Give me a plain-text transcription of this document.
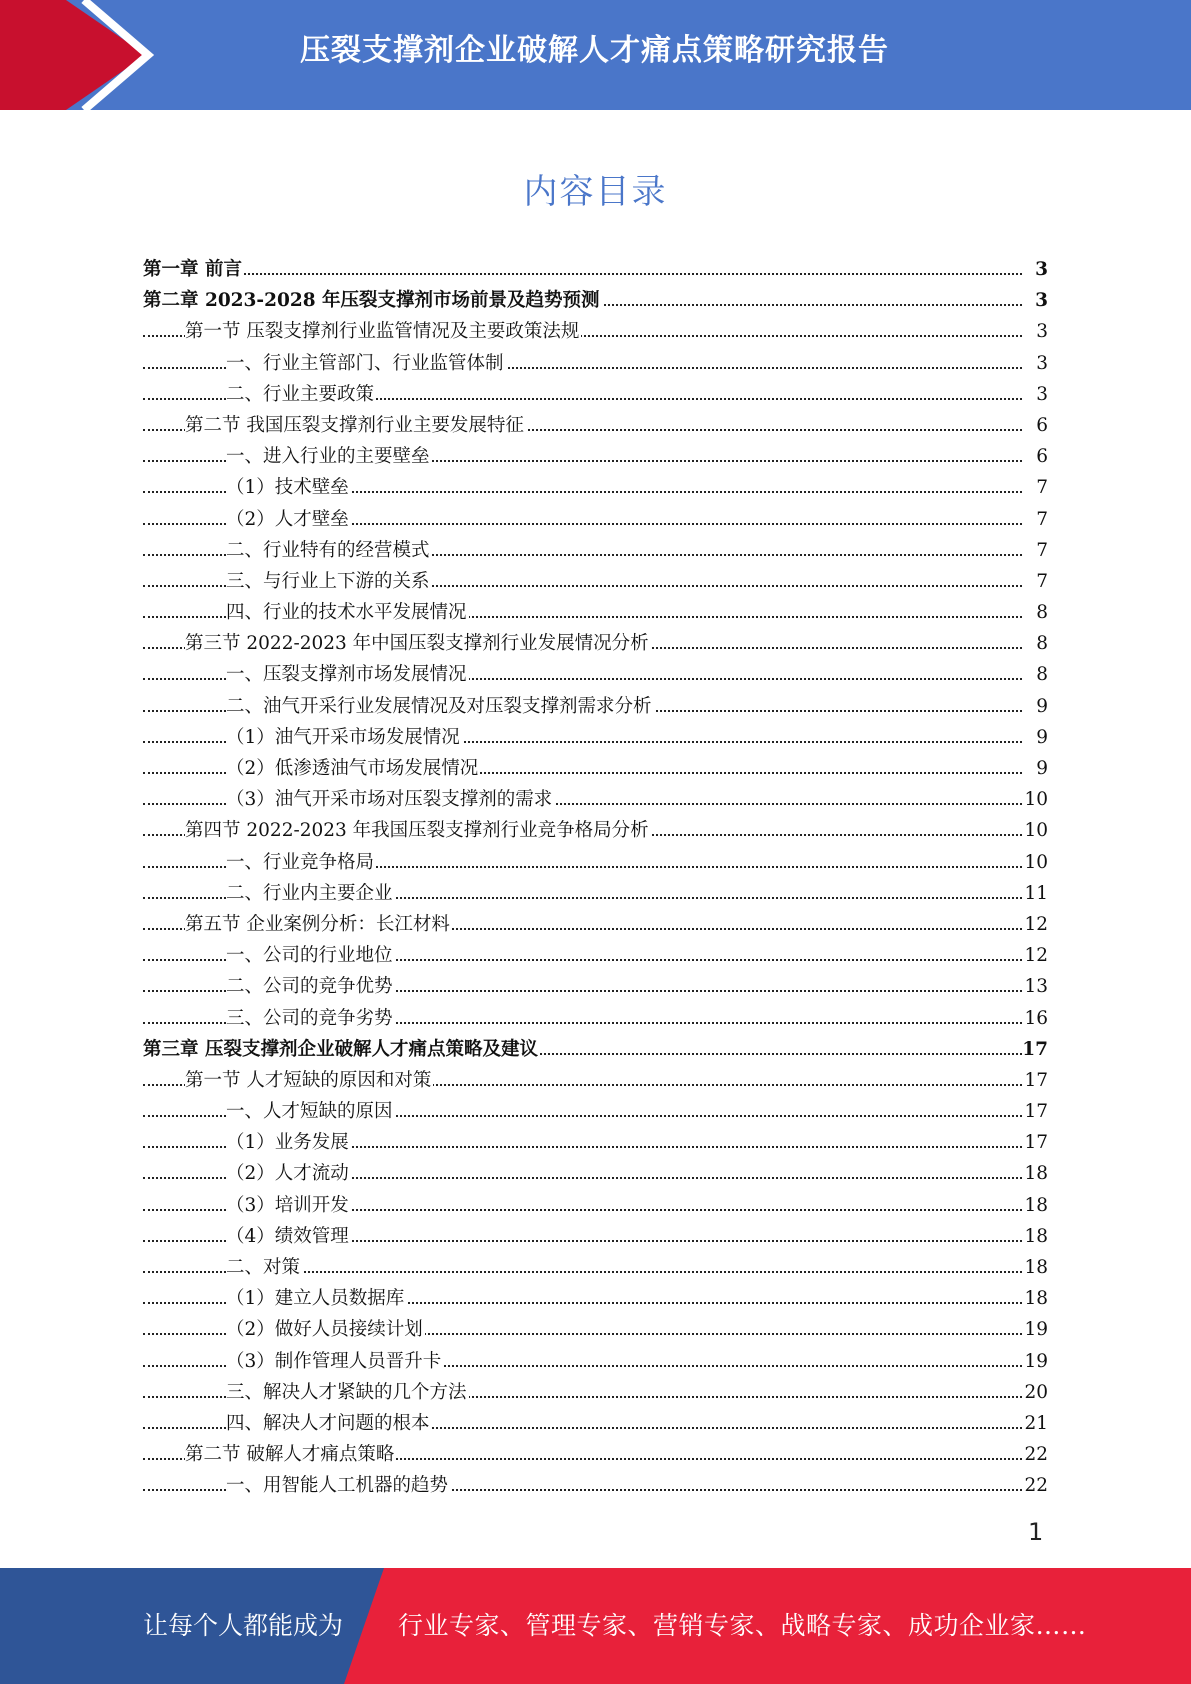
压裂支撑剂企业破解人才痛点策略研究报告
内容目录
第一章 前言	3
第二章 2023-2028 年压裂支撑剂市场前景及趋势预测	3
第一节 压裂支撑剂行业监管情况及主要政策法规	3
一、行业主管部门、行业监管体制	3
二、行业主要政策	3
第二节 我国压裂支撑剂行业主要发展特征	6
一、进入行业的主要壁垒	6
（1）技术壁垒	7
（2）人才壁垒	7
二、行业特有的经营模式	7
三、与行业上下游的关系	7
四、行业的技术水平发展情况	8
第三节 2022-2023 年中国压裂支撑剂行业发展情况分析	8
一、压裂支撑剂市场发展情况	8
二、油气开采行业发展情况及对压裂支撑剂需求分析	9
（1）油气开采市场发展情况	9
（2）低渗透油气市场发展情况	9
（3）油气开采市场对压裂支撑剂的需求	10
第四节 2022-2023 年我国压裂支撑剂行业竞争格局分析	10
一、行业竞争格局	10
二、行业内主要企业	11
第五节 企业案例分析：长江材料	12
一、公司的行业地位	12
二、公司的竞争优势	13
三、公司的竞争劣势	16
第三章 压裂支撑剂企业破解人才痛点策略及建议	17
第一节 人才短缺的原因和对策	17
一、人才短缺的原因	17
（1）业务发展	17
（2）人才流动	18
（3）培训开发	18
（4）绩效管理	18
二、对策	18
（1）建立人员数据库	18
（2）做好人员接续计划	19
（3）制作管理人员晋升卡	19
三、解决人才紧缺的几个方法	20
四、解决人才问题的根本	21
第二节 破解人才痛点策略	22
一、用智能人工机器的趋势	22
1
让每个人都能成为 行业专家、管理专家、营销专家、战略专家、成功企业家……
